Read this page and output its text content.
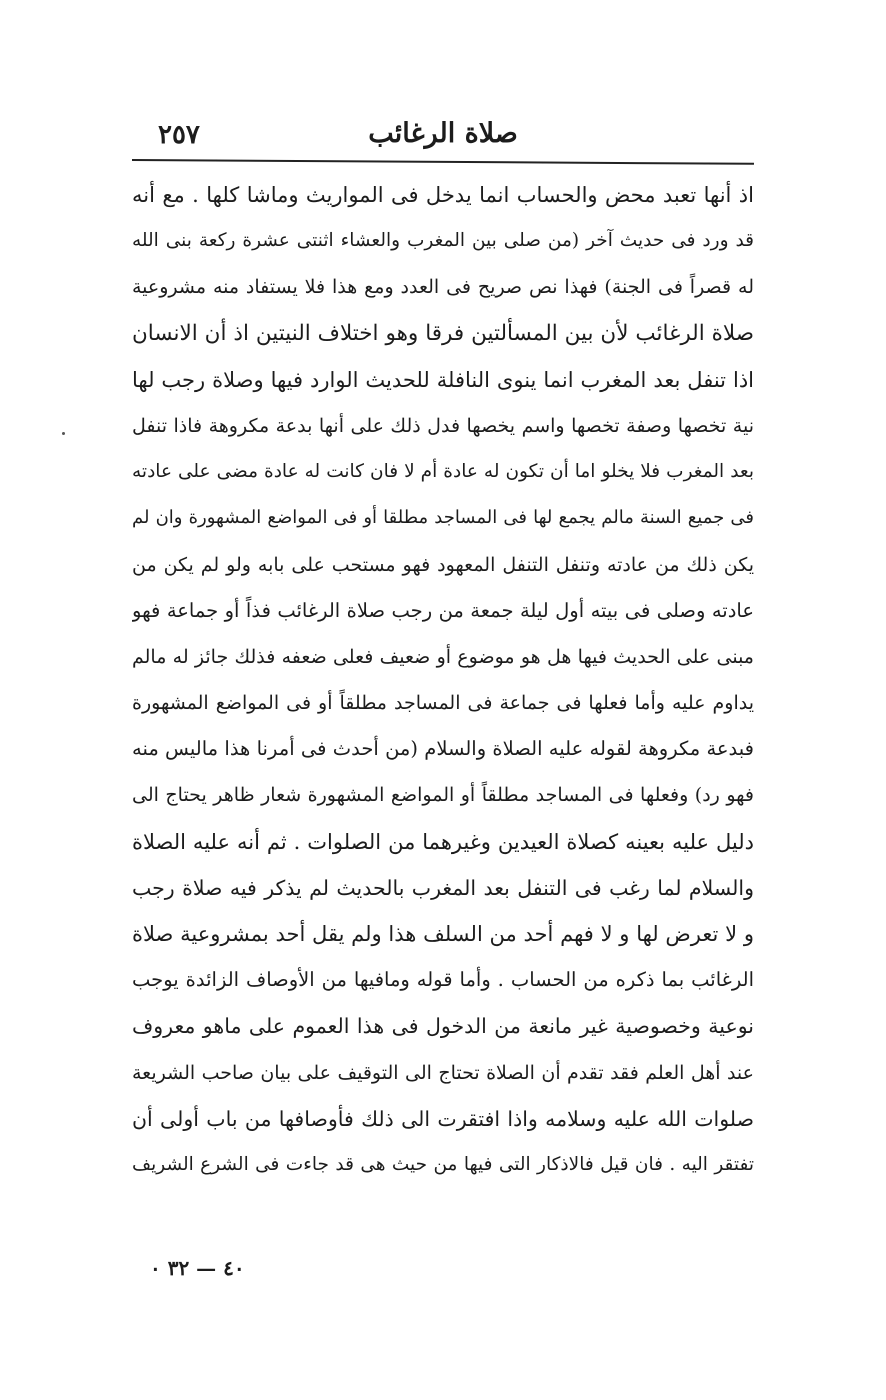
٢٥٧	صلاة الرغائب
اذ أنها تعبد محض والحساب انما يدخل فى المواريث وماشا كلها . مع أنه
قد ورد فى حديث آخر (من صلى بين المغرب والعشاء اثنتى عشرة ركعة بنى الله
له قصراً فى الجنة) فهذا نص صريح فى العدد ومع هذا فلا يستفاد منه مشروعية
صلاة الرغائب لأن بين المسألتين فرقا وهو اختلاف النيتين اذ أن الانسان
اذا تنفل بعد المغرب انما ينوى النافلة للحديث الوارد فيها وصلاة رجب لها
نية تخصها وصفة تخصها واسم يخصها فدل ذلك على أنها بدعة مكروهة فاذا تنفل
بعد المغرب فلا يخلو اما أن تكون له عادة أم لا فان كانت له عادة مضى على عادته
فى جميع السنة مالم يجمع لها فى المساجد مطلقا أو فى المواضع المشهورة وان لم
يكن ذلك من عادته وتنفل التنفل المعهود فهو مستحب على بابه ولو لم يكن من
عادته وصلى فى بيته أول ليلة جمعة من رجب صلاة الرغائب فذاً أو جماعة فهو
مبنى على الحديث فيها هل هو موضوع أو ضعيف فعلى ضعفه فذلك جائز له مالم
يداوم عليه وأما فعلها فى جماعة فى المساجد مطلقاً أو فى المواضع المشهورة
فبدعة مكروهة لقوله عليه الصلاة والسلام (من أحدث فى أمرنا هذا ماليس منه
فهو رد) وفعلها فى المساجد مطلقاً أو المواضع المشهورة شعار ظاهر يحتاج الى
دليل عليه بعينه كصلاة العيدين وغيرهما من الصلوات . ثم أنه عليه الصلاة
والسلام لما رغب فى التنفل بعد المغرب بالحديث لم يذكر فيه صلاة رجب
و لا تعرض لها و لا فهم أحد من السلف هذا ولم يقل أحد بمشروعية صلاة
الرغائب بما ذكره من الحساب . وأما قوله ومافيها من الأوصاف الزائدة يوجب
نوعية وخصوصية غير مانعة من الدخول فى هذا العموم على ماهو معروف
عند أهل العلم فقد تقدم أن الصلاة تحتاج الى التوقيف على بيان صاحب الشريعة
صلوات الله عليه وسلامه واذا افتقرت الى ذلك فأوصافها من باب أولى أن
تفتقر اليه . فان قيل فالاذكار التى فيها من حيث هى قد جاءت فى الشرع الشريف
٤٠ — ٣٢ ٠
